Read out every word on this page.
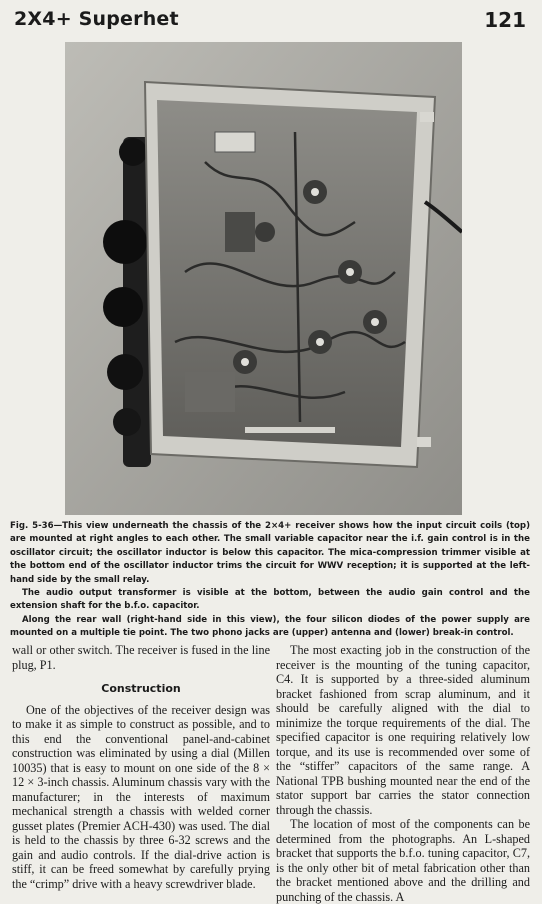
2X4+ Superhet	121

Fig. 5-36—This view underneath the chassis of the 2×4+ receiver shows how the input circuit coils (top) are mounted at right angles to each other. The small variable capacitor near the i.f. gain control is in the oscillator circuit; the oscillator inductor is below this capacitor. The mica-compression trimmer visible at the bottom end of the oscillator inductor trims the circuit for WWV reception; it is supported at the left-hand side by the small relay.

The audio output transformer is visible at the bottom, between the audio gain control and the extension shaft for the b.f.o. capacitor.

Along the rear wall (right-hand side in this view), the four silicon diodes of the power supply are mounted on a multiple tie point. The two phono jacks are (upper) antenna and (lower) break-in control.

wall or other switch. The receiver is fused in the line plug, P1.

Construction

One of the objectives of the receiver design was to make it as simple to construct as possible, and to this end the conventional panel-and-cabinet construction was eliminated by using a dial (Millen 10035) that is easy to mount on one side of the 8 × 12 × 3-inch chassis. Aluminum chassis vary with the manufacturer; in the interests of maximum mechanical strength a chassis with welded corner gusset plates (Premier ACH-430) was used. The dial is held to the chassis by three 6-32 screws and the gain and audio controls. If the dial-drive action is stiff, it can be freed somewhat by carefully prying the “crimp” drive with a heavy screwdriver blade.

The most exacting job in the construction of the receiver is the mounting of the tuning capacitor, C4. It is supported by a three-sided aluminum bracket fashioned from scrap aluminum, and it should be carefully aligned with the dial to minimize the torque requirements of the dial. The specified capacitor is one requiring relatively low torque, and its use is recommended over some of the “stiffer” capacitors of the same range. A National TPB bushing mounted near the end of the stator support bar carries the stator connection through the chassis.

The location of most of the components can be determined from the photographs. An L-shaped bracket that supports the b.f.o. tuning capacitor, C7, is the only other bit of metal fabrication other than the bracket mentioned above and the drilling and punching of the chassis. A
